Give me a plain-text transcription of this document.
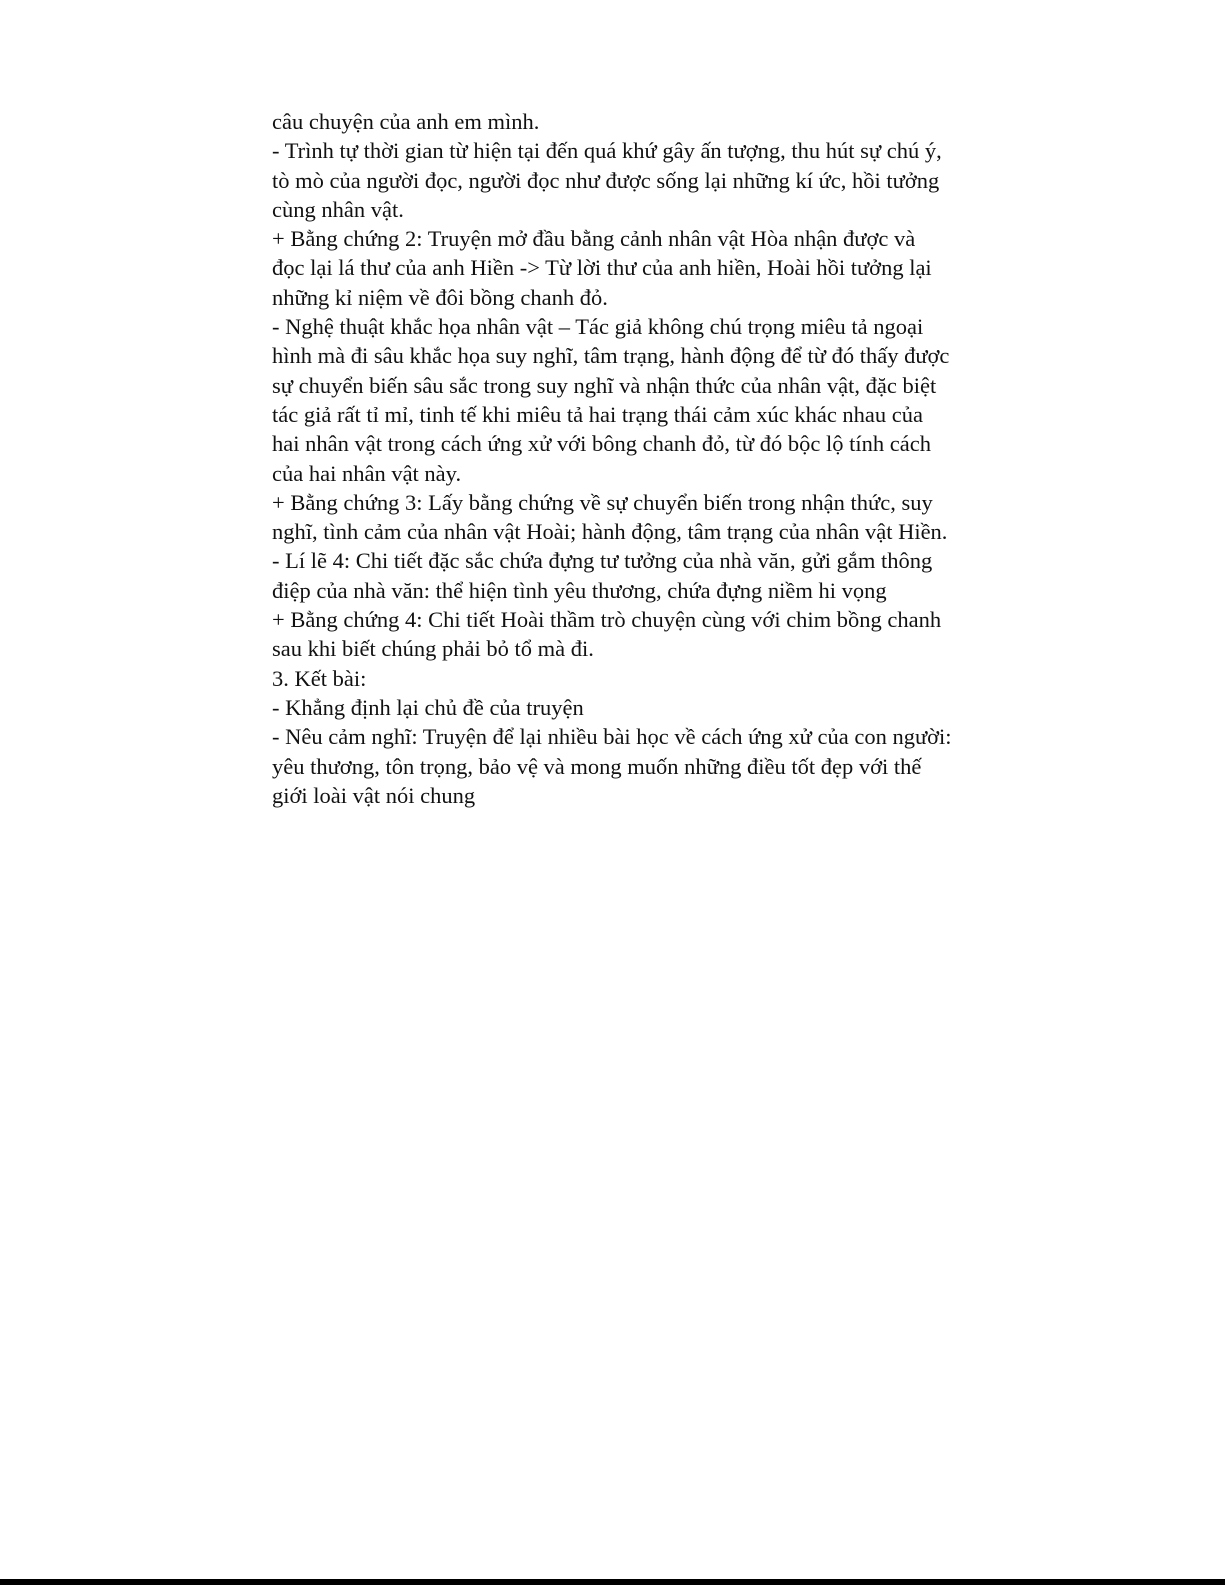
câu chuyện của anh em mình.

- Trình tự thời gian từ hiện tại đến quá khứ gây ấn tượng, thu hút sự chú ý, tò mò của người đọc, người đọc như được sống lại những kí ức, hồi tưởng cùng nhân vật.

+ Bằng chứng 2: Truyện mở đầu bằng cảnh nhân vật Hòa nhận được và đọc lại lá thư của anh Hiền -> Từ lời thư của anh hiền, Hoài hồi tưởng lại những kỉ niệm về đôi bồng chanh đỏ.

- Nghệ thuật khắc họa nhân vật – Tác giả không chú trọng miêu tả ngoại hình mà đi sâu khắc họa suy nghĩ, tâm trạng, hành động để từ đó thấy được sự chuyển biến sâu sắc trong suy nghĩ và nhận thức của nhân vật, đặc biệt tác giả rất tỉ mỉ, tinh tế khi miêu tả hai trạng thái cảm xúc khác nhau của hai nhân vật trong cách ứng xử với bông chanh đỏ, từ đó bộc lộ tính cách của hai nhân vật này.

+ Bằng chứng 3: Lấy bằng chứng về sự chuyển biến trong nhận thức, suy nghĩ, tình cảm của nhân vật Hoài; hành động, tâm trạng của nhân vật Hiền.

- Lí lẽ 4: Chi tiết đặc sắc chứa đựng tư tưởng của nhà văn, gửi gắm thông điệp của nhà văn: thể hiện tình yêu thương, chứa đựng niềm hi vọng

+ Bằng chứng 4: Chi tiết Hoài thầm trò chuyện cùng với chim bồng chanh sau khi biết chúng phải bỏ tổ mà đi.

3. Kết bài:

- Khẳng định lại chủ đề của truyện

- Nêu cảm nghĩ: Truyện để lại nhiều bài học về cách ứng xử của con người: yêu thương, tôn trọng, bảo vệ và mong muốn những điều tốt đẹp với thế giới loài vật nói chung
